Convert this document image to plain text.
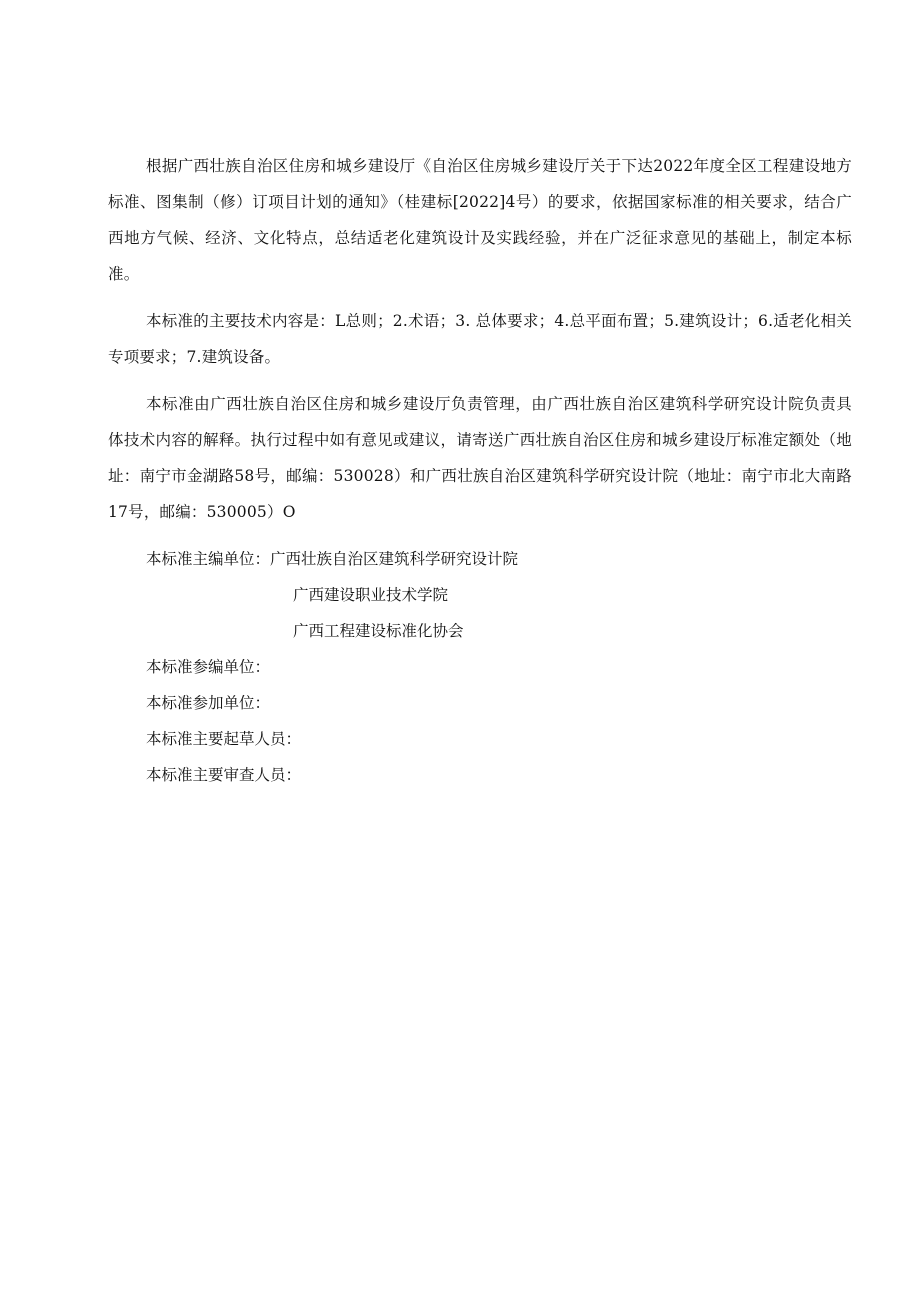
根据广西壮族自治区住房和城乡建设厅《自治区住房城乡建设厅关于下达2022年度全区工程建设地方标准、图集制（修）订项目计划的通知》（桂建标[2022]4号）的要求，依据国家标准的相关要求，结合广西地方气候、经济、文化特点，总结适老化建筑设计及实践经验，并在广泛征求意见的基础上，制定本标准。

本标准的主要技术内容是：L总则；2.术语；3. 总体要求；4.总平面布置；5.建筑设计；6.适老化相关专项要求；7.建筑设备。

本标准由广西壮族自治区住房和城乡建设厅负责管理，由广西壮族自治区建筑科学研究设计院负责具体技术内容的解释。执行过程中如有意见或建议，请寄送广西壮族自治区住房和城乡建设厅标准定额处（地址：南宁市金湖路58号，邮编：530028）和广西壮族自治区建筑科学研究设计院（地址：南宁市北大南路17号，邮编：530005）O

本标准主编单位：广西壮族自治区建筑科学研究设计院

广西建设职业技术学院

广西工程建设标准化协会

本标准参编单位：

本标准参加单位：

本标准主要起草人员：

本标准主要审查人员：
